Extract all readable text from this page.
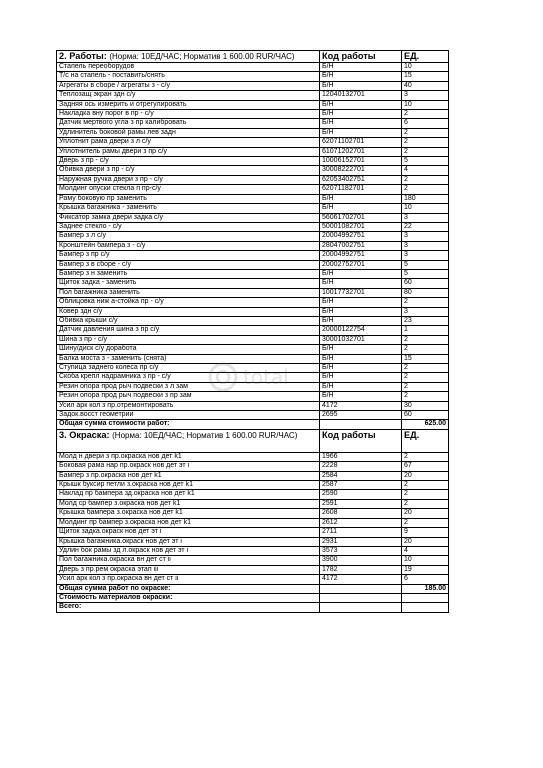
2. Работы: (Норма: 10ЕД/ЧАС; Норматив 1 600.00 RUR/ЧАС)	Код работы	ЕД.	
Стапель переоборудов	Б/Н	10	
Т/с на стапель - поставить/снять	Б/Н	15	
Агрегаты в сборе / агрегаты з - с/у	Б/Н	40	
Теплозащ экран здн с/у	12040132701	3	
Задняя ось измерить и отрегулировать	Б/Н	10	
Накладка вну порог в пр - с/у	Б/Н	2	
Датчик мертвого угла з пр калибровать	Б/Н	6	
Удлинитель боковой рамы лев задн	Б/Н	2	
Уплотнит рама двери з л с/у	62071102701	2	
Уплотнитель рамы двери з пр с/у	61071202701	2	
Дверь з пр - с/у	10006152701	5	
Обивка двери з пр - с/у	30008222701	4	
Наружная ручка двери з пр - с/у	62053402751	2	
Молдинг опуски стекла п пр-с/у	62071182701	2	
Раму боковую пр заменить	Б/Н	180	
Крышка багажника - заменить	Б/Н	10	
Фиксатор замка двери задка с/у	56061702701	3	
Заднее стекло - с/у	50001082701	22	
Бампер з л с/у	20004992751	3	
Кронштейн бампера з - с/у	28047002751	3	
Бампер з пр с/у	20004992751	3	
Бампер з в сборе - с/у	20002752701	5	
Бампер з н заменить	Б/Н	5	
Щиток задка - заменить	Б/Н	60	
Пол багажника заменить	10017732701	80	
Облицовка ниж а-стойка пр - с/у	Б/Н	2	
Ковер здн с/у	Б/Н	3	
Обивка крыши с/у	Б/Н	23	
Датчик давления шина з пр с/у	20000122754	1	
Шина з пр - с/у	30001032701	2	
Шину/диск с/у доработа	Б/Н	2	
Балка моста з - заменить (снята)	Б/Н	15	
Ступица заднего колеса пр с/у	Б/Н	2	
Скоба крепл надрамника з пр - с/у	Б/Н	2	
Резин опора прод рыч подвески з л зам	Б/Н	2	
Резин опора прод рыч подвески з пр зам	Б/Н	2	
Усил арк кол з пр.отремонтировать	4172	30	
Задок.восст геометрии	2695	60	
Общая сумма стоимости работ:		625.00	
3. Окраска: (Норма: 10ЕД/ЧАС; Норматив 1 600.00 RUR/ЧАС)	Код работы	ЕД.	
Молд н двери з пр.окраска нов дет k1	1966	2	
Боковая рама нар пр.окраск нов дет эт i	2228	67	
Бампер з пр.окраска нов дет k1	2584	20	
Крышк буксир петли з.окраска нов дет k1	2587	2	
Наклад пр бампера зд.окраска нов дет k1	2590	2	
Молд ср бампер з.окраска нов дет k1	2591	2	
Крышка бампера з.окраска нов дет k1	2608	20	
Молдинг пр бампер з.окраска нов дет k1	2612	2	
Щиток задка.окраск нов дет эт i	2711	9	
Крышка багажника.окраск нов дет эт i	2931	20	
Удлин бок рамы зд л.окраск нов дет эт i	3573	4	
Пол багажника.окраска вн дет ст ii	3900	10	
Дверь з пр.рем окраска этап iii	1782	19	
Усил арк кол з пр.окраска вн дет ст ii	4172	6	
Общая сумма работ по окраске:		185.00	
Стоимость материалов окраски:			
Всего:			
total
